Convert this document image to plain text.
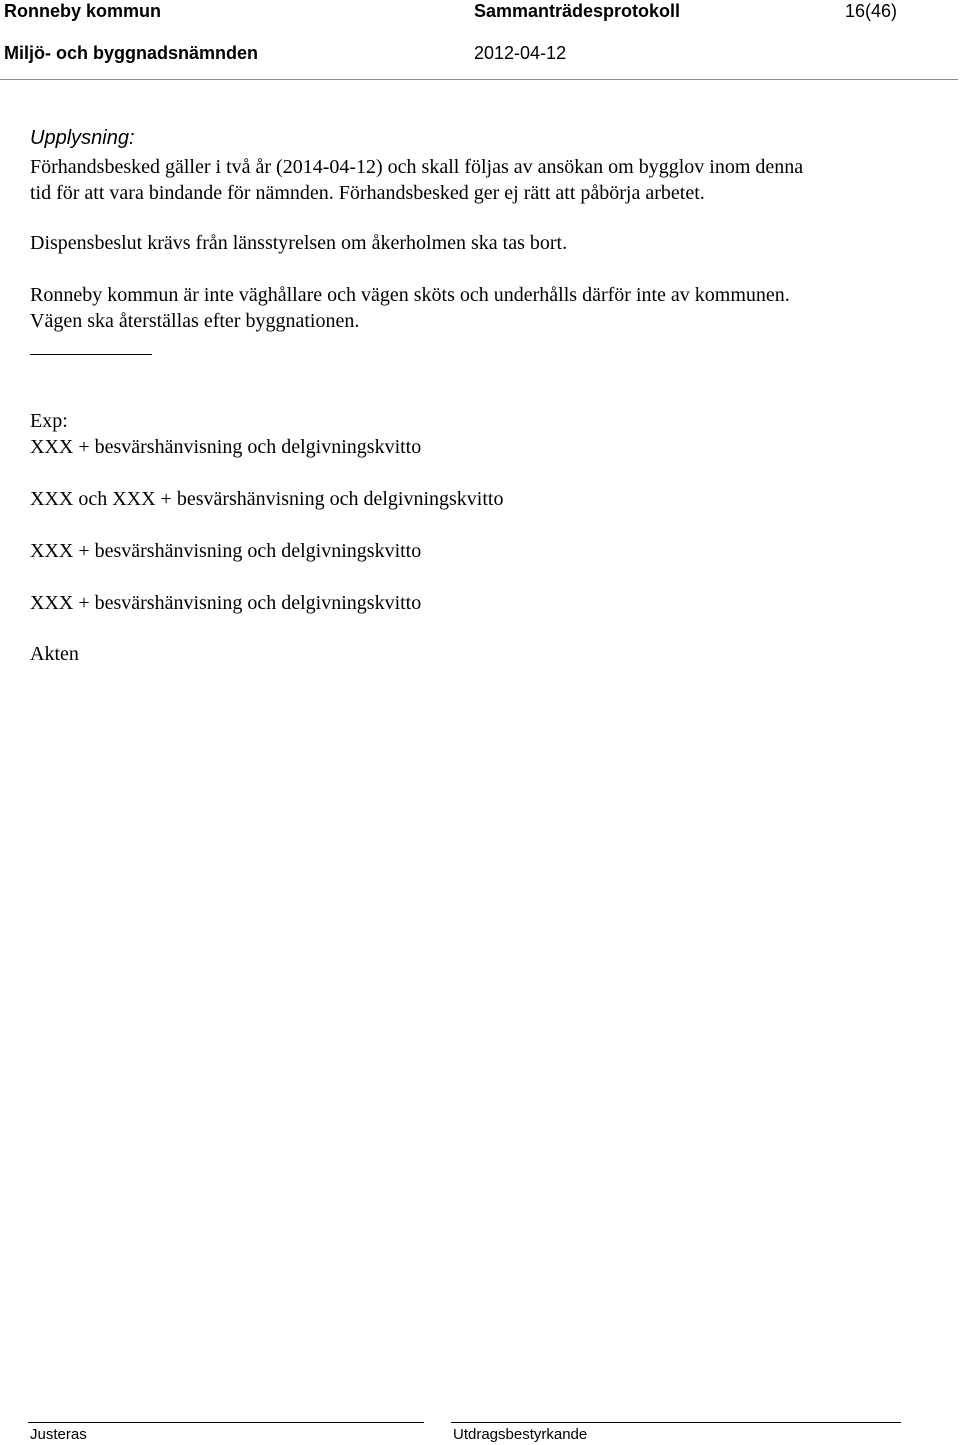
Ronneby kommun	Sammanträdesprotokoll	16(46)
Miljö- och byggnadsnämnden	2012-04-12
Upplysning:
Förhandsbesked gäller i två år (2014-04-12) och skall följas av ansökan om bygglov inom denna
tid för att vara bindande för nämnden. Förhandsbesked ger ej rätt att påbörja arbetet.
Dispensbeslut krävs från länsstyrelsen om åkerholmen ska tas bort.
Ronneby kommun är inte väghållare och vägen sköts och underhålls därför inte av kommunen.
Vägen ska återställas efter byggnationen.
Exp:
XXX + besvärshänvisning och delgivningskvitto
XXX och XXX + besvärshänvisning och delgivningskvitto
XXX + besvärshänvisning och delgivningskvitto
XXX + besvärshänvisning och delgivningskvitto
Akten
Justeras	Utdragsbestyrkande
